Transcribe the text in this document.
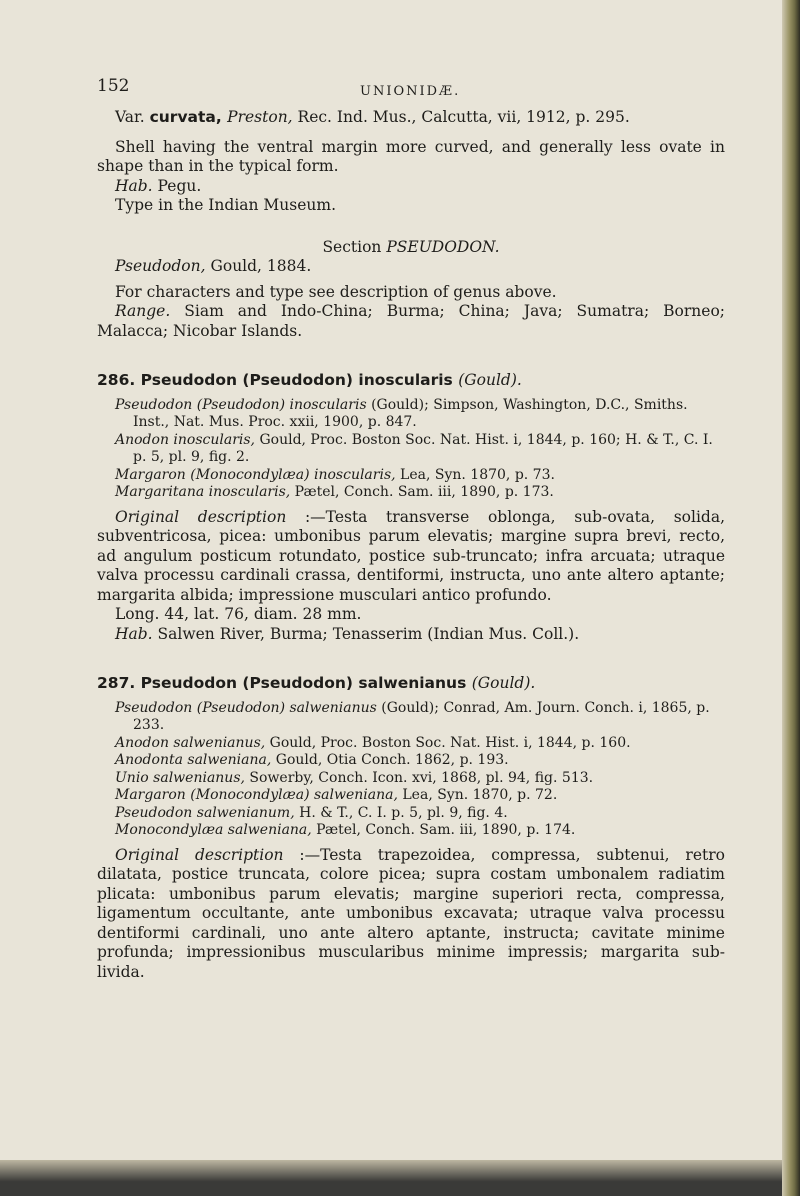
152	UNIONIDÆ.
Var. curvata, Preston, Rec. Ind. Mus., Calcutta, vii, 1912, p. 295.

Shell having the ventral margin more curved, and generally less ovate in shape than in the typical form.

Hab. Pegu.

Type in the Indian Museum.

Section PSEUDODON.

Pseudodon, Gould, 1884.

For characters and type see description of genus above.

Range. Siam and Indo-China; Burma; China; Java; Sumatra; Borneo; Malacca; Nicobar Islands.

286. Pseudodon (Pseudodon) inoscularis (Gould).

Pseudodon (Pseudodon) inoscularis (Gould); Simpson, Washington, D.C., Smiths. Inst., Nat. Mus. Proc. xxii, 1900, p. 847.
Anodon inoscularis, Gould, Proc. Boston Soc. Nat. Hist. i, 1844, p. 160; H. & T., C. I. p. 5, pl. 9, fig. 2.
Margaron (Monocondylæa) inoscularis, Lea, Syn. 1870, p. 73.
Margaritana inoscularis, Pætel, Conch. Sam. iii, 1890, p. 173.

Original description :—Testa transverse oblonga, sub-ovata, solida, subventricosa, picea: umbonibus parum elevatis; margine supra brevi, recto, ad angulum posticum rotundato, postice sub-truncato; infra arcuata; utraque valva processu cardinali crassa, dentiformi, instructa, uno ante altero aptante; margarita albida; impressione musculari antico profundo.

Long. 44, lat. 76, diam. 28 mm.

Hab. Salwen River, Burma; Tenasserim (Indian Mus. Coll.).

287. Pseudodon (Pseudodon) salwenianus (Gould).

Pseudodon (Pseudodon) salwenianus (Gould); Conrad, Am. Journ. Conch. i, 1865, p. 233.
Anodon salwenianus, Gould, Proc. Boston Soc. Nat. Hist. i, 1844, p. 160.
Anodonta salweniana, Gould, Otia Conch. 1862, p. 193.
Unio salwenianus, Sowerby, Conch. Icon. xvi, 1868, pl. 94, fig. 513.
Margaron (Monocondylæa) salweniana, Lea, Syn. 1870, p. 72.
Pseudodon salwenianum, H. & T., C. I. p. 5, pl. 9, fig. 4.
Monocondylæa salweniana, Pætel, Conch. Sam. iii, 1890, p. 174.

Original description :—Testa trapezoidea, compressa, subtenui, retro dilatata, postice truncata, colore picea; supra costam umbonalem radiatim plicata: umbonibus parum elevatis; margine superiori recta, compressa, ligamentum occultante, ante umbonibus excavata; utraque valva processu dentiformi cardinali, uno ante altero aptante, instructa; cavitate minime profunda; impressionibus muscularibus minime impressis; margarita sub-livida.
